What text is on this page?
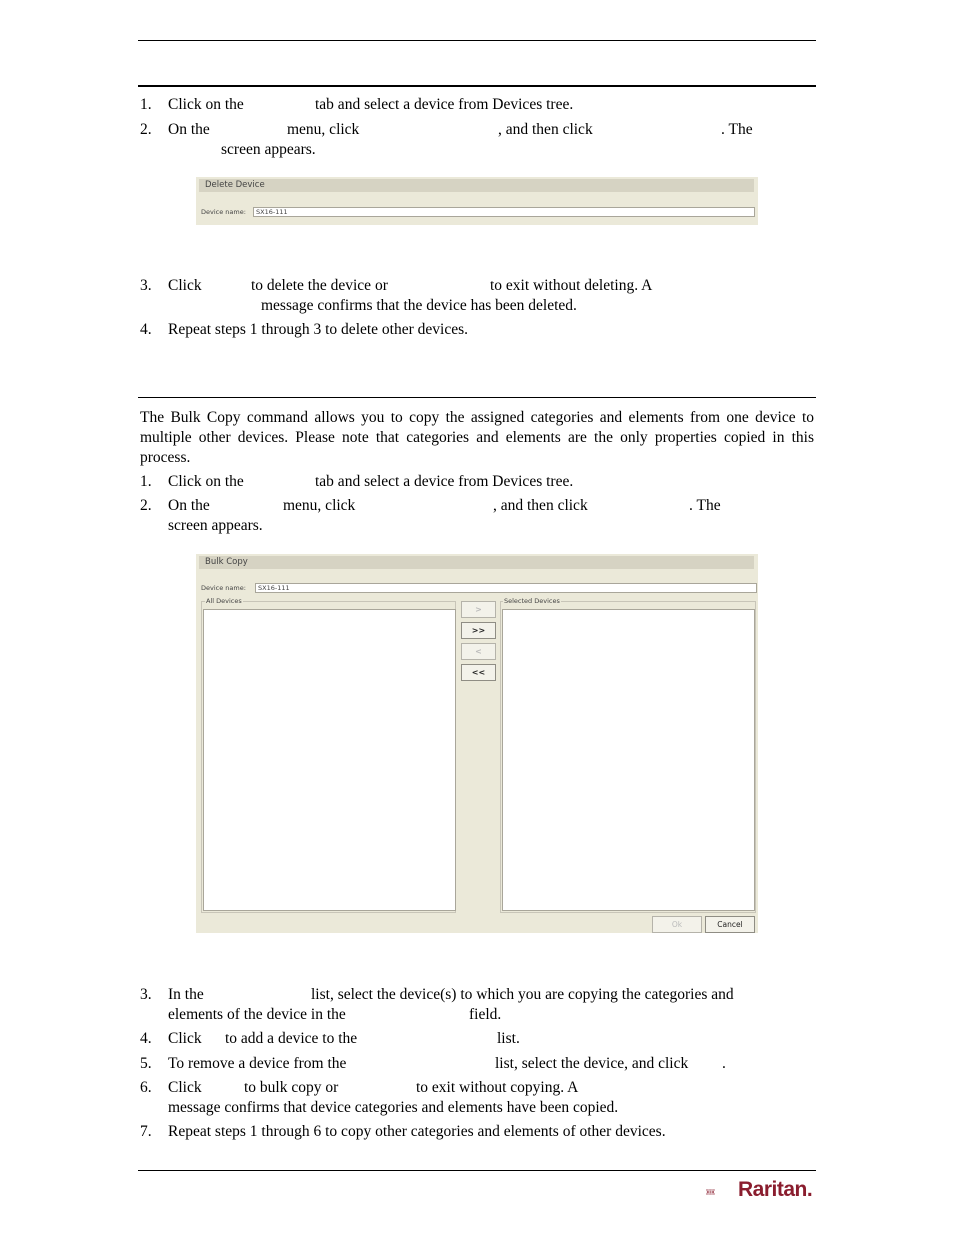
1. Click on the	tab and select a device from Devices tree.
2. On the	menu, click	, and then click	. The
screen appears.
Delete Device
Device name:	SX16-111
3. Click	to delete the device or	to exit without deleting. A
message confirms that the device has been deleted.
4. Repeat steps 1 through 3 to delete other devices.
The Bulk Copy command allows you to copy the assigned categories and elements from one device to multiple other devices. Please note that categories and elements are the only properties copied in this process.
1. Click on the	tab and select a device from Devices tree.
2. On the	menu, click	, and then click	. The
screen appears.
Bulk Copy
Device name:	SX16-111
All Devices
>
>>
<
<<
Selected Devices
Ok	Cancel
3. In the	list, select the device(s) to which you are copying the categories and
elements of the device in the	field.
4. Click to add a device to the	list.
5. To remove a device from the	list, select the device, and click .
6. Click	to bulk copy or	to exit without copying. A
message confirms that device categories and elements have been copied.
7. Repeat steps 1 through 6 to copy other categories and elements of other devices.
Raritan.
